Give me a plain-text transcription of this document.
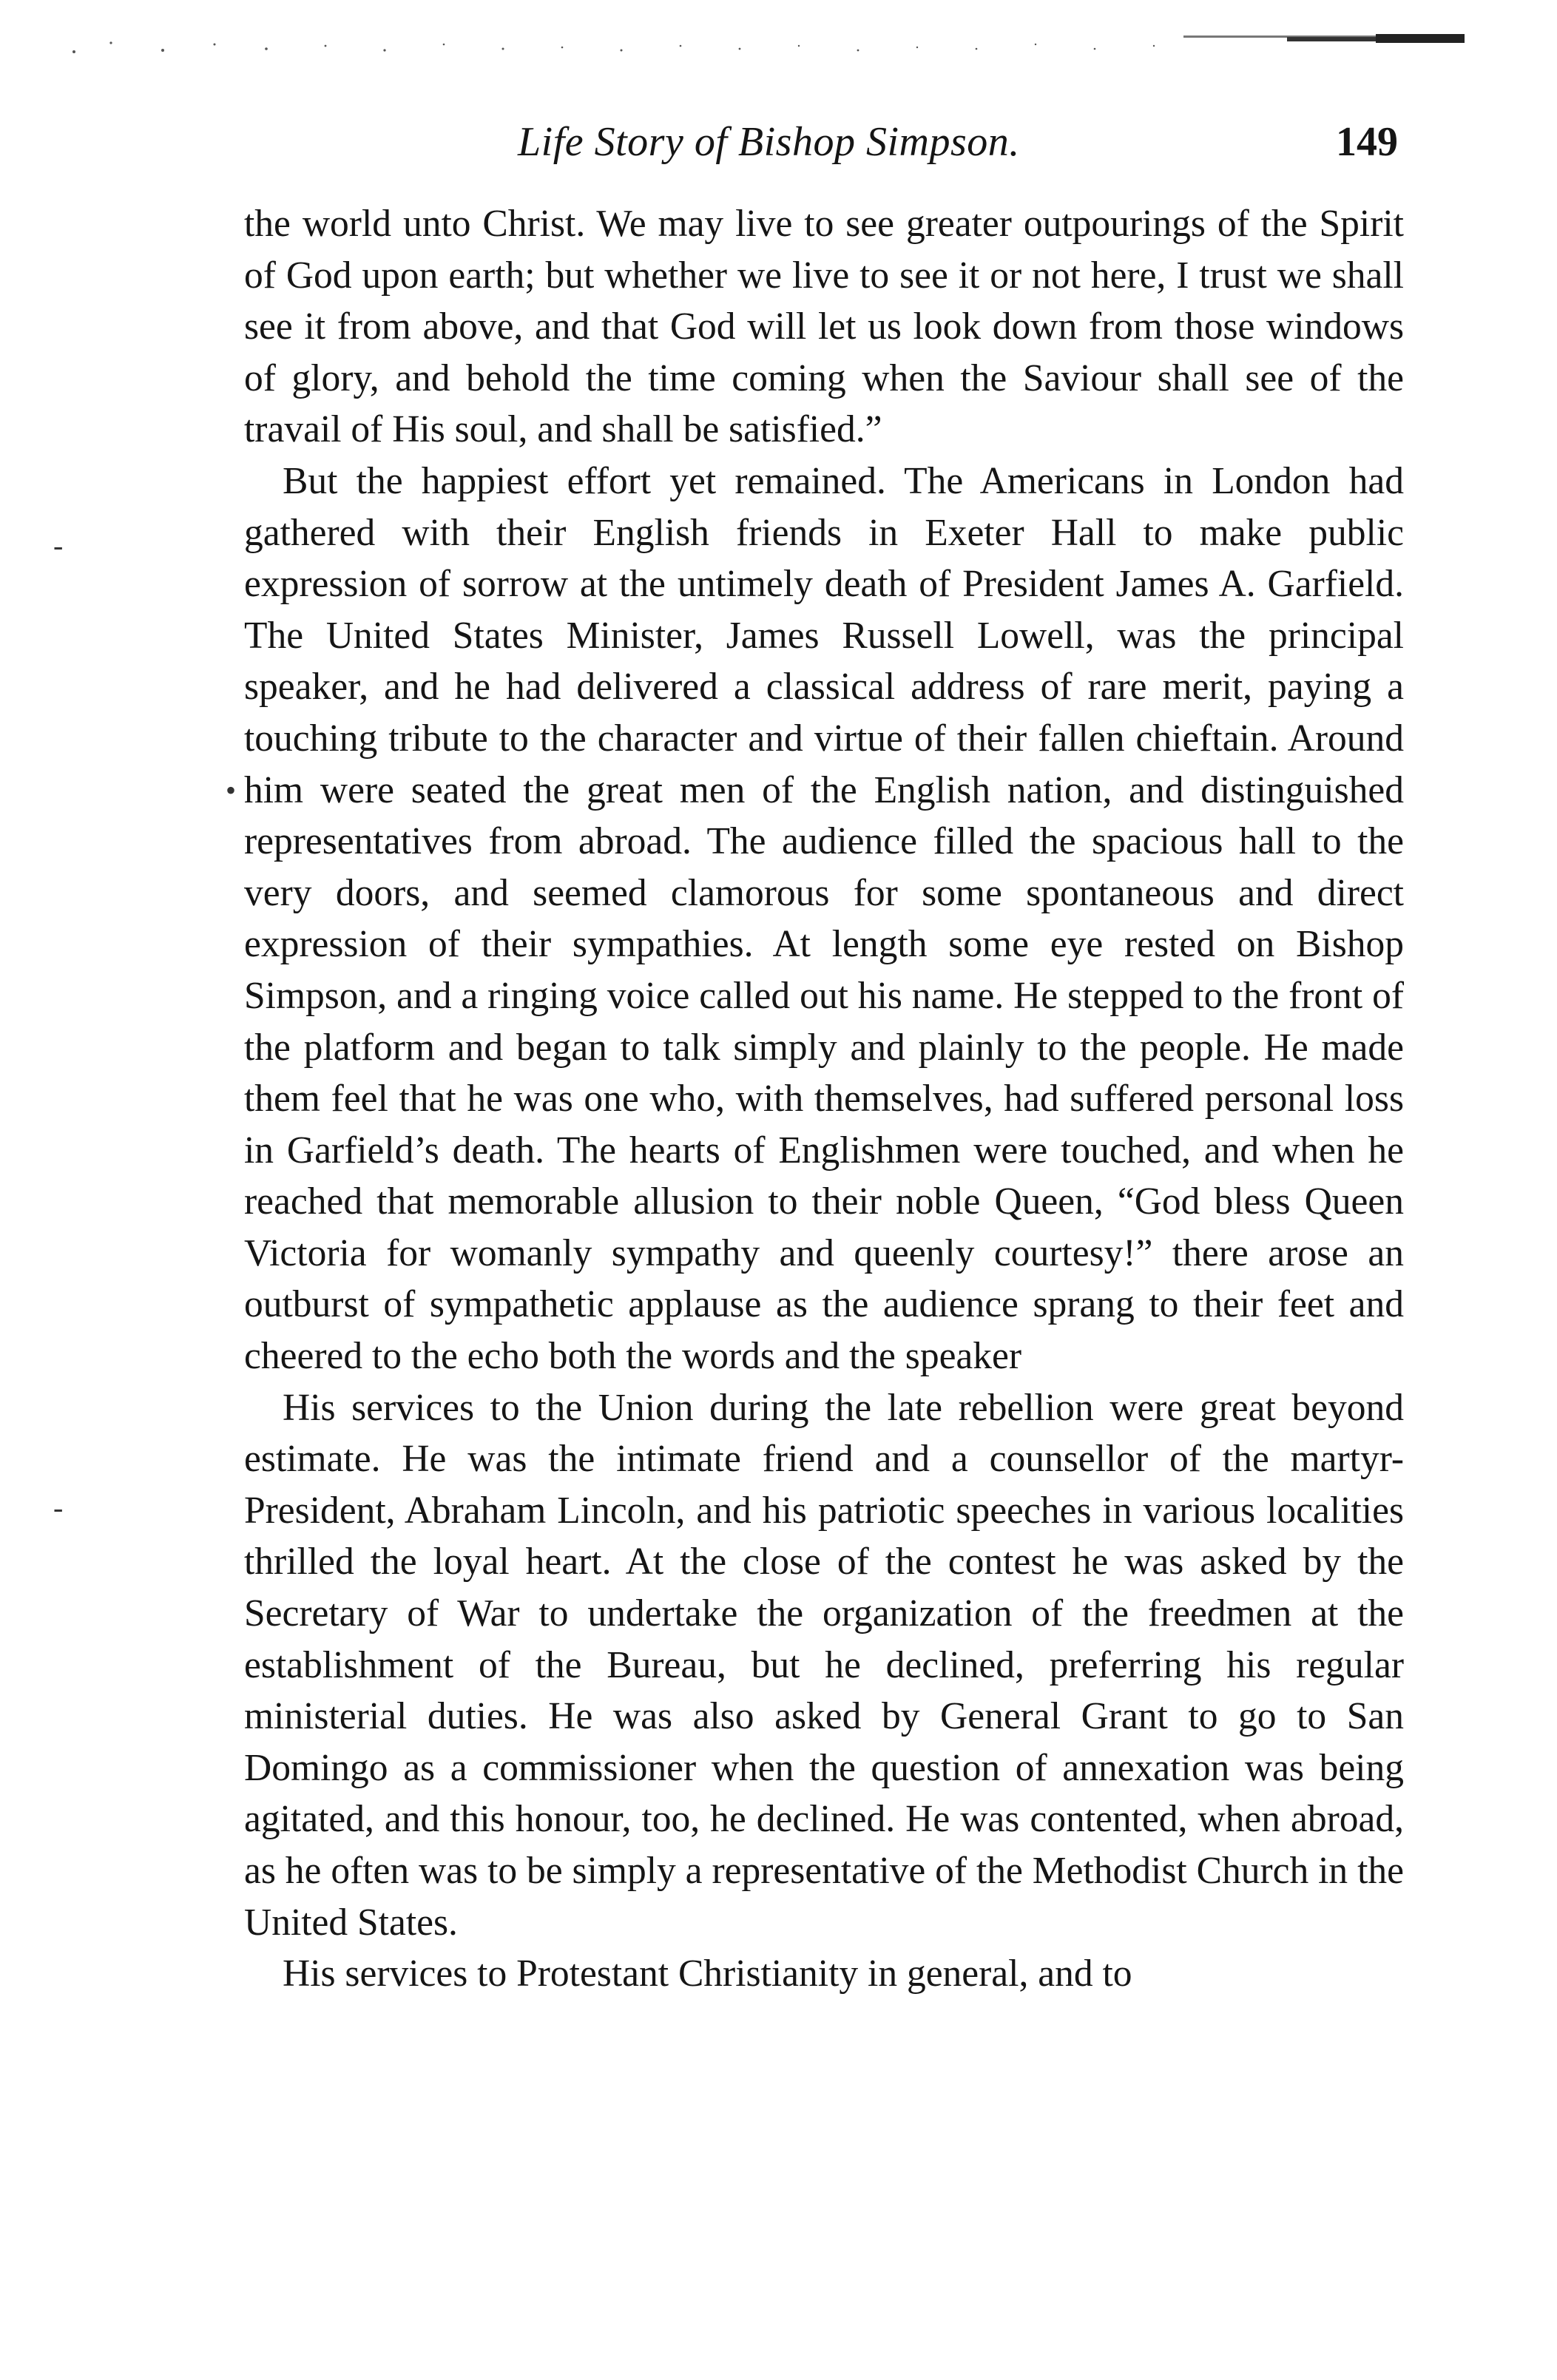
Life Story of Bishop Simpson.	149
-
•
-

the world unto Christ. We may live to see greater outpourings of the Spirit of God upon earth; but whether we live to see it or not here, I trust we shall see it from above, and that God will let us look down from those windows of glory, and behold the time coming when the Saviour shall see of the travail of His soul, and shall be satisfied.”

But the happiest effort yet remained. The Americans in London had gathered with their English friends in Exeter Hall to make public expression of sorrow at the untimely death of President James A. Garfield. The United States Minister, James Russell Lowell, was the principal speaker, and he had delivered a classical address of rare merit, paying a touching tribute to the character and virtue of their fallen chieftain. Around him were seated the great men of the English nation, and distinguished representatives from abroad. The audience filled the spacious hall to the very doors, and seemed clamorous for some spontaneous and direct expression of their sympathies. At length some eye rested on Bishop Simpson, and a ringing voice called out his name. He stepped to the front of the platform and began to talk simply and plainly to the people. He made them feel that he was one who, with themselves, had suffered personal loss in Garfield’s death. The hearts of Englishmen were touched, and when he reached that memorable allusion to their noble Queen, “God bless Queen Victoria for womanly sympathy and queenly courtesy!” there arose an outburst of sympathetic applause as the audience sprang to their feet and cheered to the echo both the words and the speaker

His services to the Union during the late rebellion were great beyond estimate. He was the intimate friend and a counsellor of the martyr-President, Abraham Lincoln, and his patriotic speeches in various localities thrilled the loyal heart. At the close of the contest he was asked by the Secretary of War to undertake the organization of the freedmen at the establishment of the Bureau, but he declined, preferring his regular ministerial duties. He was also asked by General Grant to go to San Domingo as a commissioner when the question of annexation was being agitated, and this honour, too, he declined. He was contented, when abroad, as he often was to be simply a representative of the Methodist Church in the United States.

His services to Protestant Christianity in general, and to
